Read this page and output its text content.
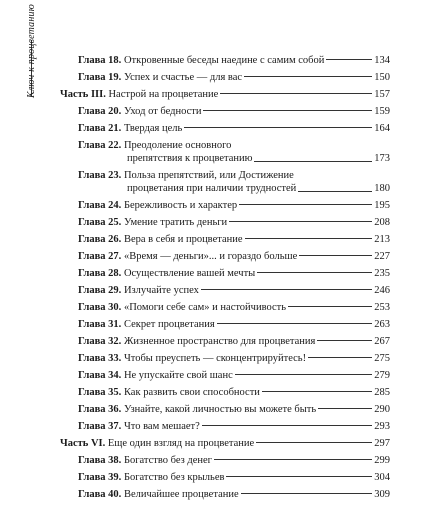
Ключ к процветанию	Глава 18. Откровенные беседы наедине с самим собой	134
Глава 19. Успех и счастье — для вас	150
Часть III. Настрой на процветание	157
Глава 20. Уход от бедности	159
Глава 21. Твердая цель	164
Глава 22. Преодоление основного
препятствия к процветанию	173
Глава 23. Польза препятствий, или Достижение
процветания при наличии трудностей	180
Глава 24. Бережливость и характер	195
Глава 25. Умение тратить деньги	208
Глава 26. Вера в себя и процветание	213
Глава 27. «Время — деньги»... и гораздо больше	227
Глава 28. Осуществление вашей мечты	235
Глава 29. Излучайте успех	246
Глава 30. «Помоги себе сам» и настойчивость	253
Глава 31. Секрет процветания	263
Глава 32. Жизненное пространство для процветания	267
Глава 33. Чтобы преуспеть — сконцентрируйтесь!	275
Глава 34. Не упускайте свой шанс	279
Глава 35. Как развить свои способности	285
Глава 36. Узнайте, какой личностью вы можете быть	290
Глава 37. Что вам мешает?	293
Часть VI. Еще один взгляд на процветание	297
Глава 38. Богатство без денег	299
Глава 39. Богатство без крыльев	304
Глава 40. Величайшее процветание	309
